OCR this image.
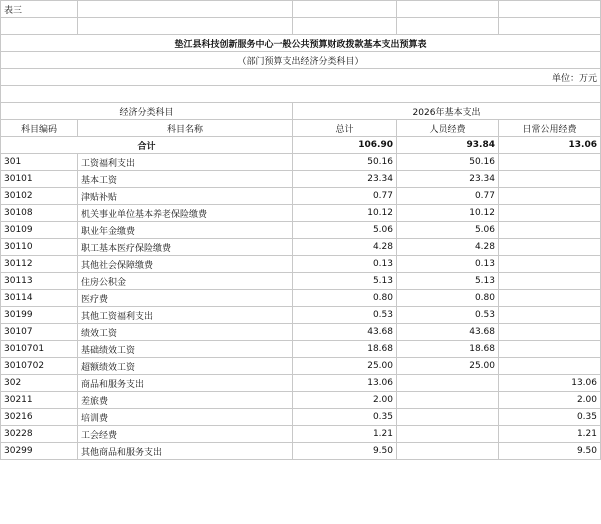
表三				

垫江县科技创新服务中心一般公共预算财政拨款基本支出预算表				
（部门预算支出经济分类科目）				
单位：万元				

经济分类科目		2026年基本支出		
科目编码	科目名称	总计	人员经费	日常公用经费
合计		106.90	93.84	13.06
301	工资福利支出	50.16	50.16	
30101	基本工资	23.34	23.34	
30102	津贴补贴	0.77	0.77	
30108	机关事业单位基本养老保险缴费	10.12	10.12	
30109	职业年金缴费	5.06	5.06	
30110	职工基本医疗保险缴费	4.28	4.28	
30112	其他社会保障缴费	0.13	0.13	
30113	住房公积金	5.13	5.13	
30114	医疗费	0.80	0.80	
30199	其他工资福利支出	0.53	0.53	
30107	绩效工资	43.68	43.68	
3010701	基础绩效工资	18.68	18.68	
3010702	超额绩效工资	25.00	25.00	
302	商品和服务支出	13.06		13.06
30211	差旅费	2.00		2.00
30216	培训费	0.35		0.35
30228	工会经费	1.21		1.21
30299	其他商品和服务支出	9.50		9.50
